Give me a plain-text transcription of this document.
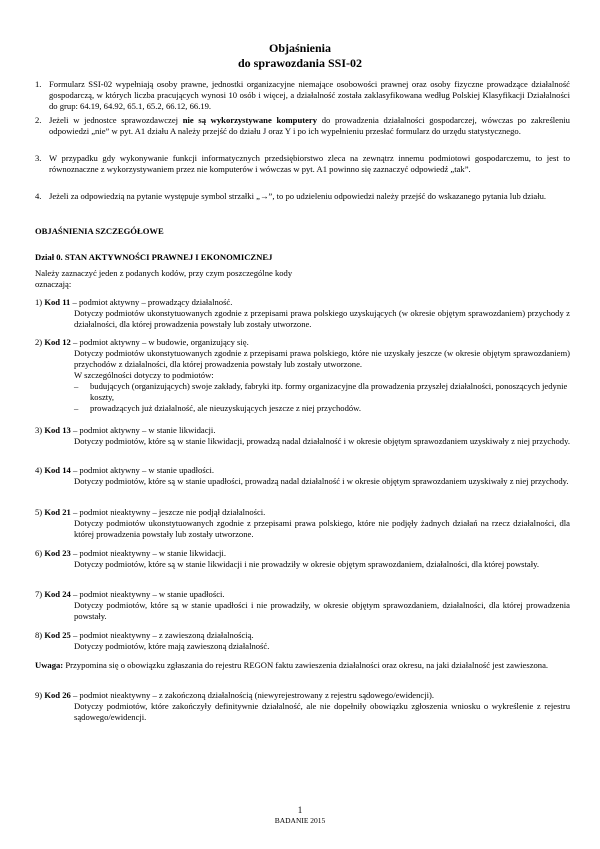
Objaśnienia
do sprawozdania SSI-02
1. Formularz SSI-02 wypełniają osoby prawne, jednostki organizacyjne niemające osobowości prawnej oraz osoby fizyczne prowadzące działalność gospodarczą, w których liczba pracujących wynosi 10 osób i więcej, a działalność została zaklasyfikowana według Polskiej Klasyfikacji Działalności do grup: 64.19, 64.92, 65.1, 65.2, 66.12, 66.19.
2. Jeżeli w jednostce sprawozdawczej nie są wykorzystywane komputery do prowadzenia działalności gospodarczej, wówczas po zakreśleniu odpowiedzi „nie” w pyt. A1 działu A należy przejść do działu J oraz Y i po ich wypełnieniu przesłać formularz do urzędu statystycznego.
3. W przypadku gdy wykonywanie funkcji informatycznych przedsiębiorstwo zleca na zewnątrz innemu podmiotowi gospodarczemu, to jest to równoznaczne z wykorzystywaniem przez nie komputerów i wówczas w pyt. A1 powinno się zaznaczyć odpowiedź „tak”.
4. Jeżeli za odpowiedzią na pytanie występuje symbol strzałki „→”, to po udzieleniu odpowiedzi należy przejść do wskazanego pytania lub działu.
OBJAŚNIENIA SZCZEGÓŁOWE
Dział 0. STAN AKTYWNOŚCI PRAWNEJ I EKONOMICZNEJ
Należy zaznaczyć jeden z podanych kodów, przy czym poszczególne kody
oznaczają:
1) Kod 11 – podmiot aktywny – prowadzący działalność.
Dotyczy podmiotów ukonstytuowanych zgodnie z przepisami prawa polskiego uzyskujących (w okresie objętym sprawozdaniem) przychody z działalności, dla której prowadzenia powstały lub zostały utworzone.
2) Kod 12 – podmiot aktywny – w budowie, organizujący się.
Dotyczy podmiotów ukonstytuowanych zgodnie z przepisami prawa polskiego, które nie uzyskały jeszcze (w okresie objętym sprawozdaniem) przychodów z działalności, dla której prowadzenia powstały lub zostały utworzone.
W szczególności dotyczy to podmiotów:
–	budujących (organizujących) swoje zakłady, fabryki itp. formy organizacyjne dla prowadzenia przyszłej działalności, ponoszących jedynie koszty,
–	prowadzących już działalność, ale nieuzyskujących jeszcze z niej przychodów.
3) Kod 13 – podmiot aktywny – w stanie likwidacji.
Dotyczy podmiotów, które są w stanie likwidacji, prowadzą nadal działalność i w okresie objętym sprawozdaniem uzyskiwały z niej przychody.
4) Kod 14 – podmiot aktywny – w stanie upadłości.
Dotyczy podmiotów, które są w stanie upadłości, prowadzą nadal działalność i w okresie objętym sprawozdaniem uzyskiwały z niej przychody.
5) Kod 21 – podmiot nieaktywny – jeszcze nie podjął działalności.
Dotyczy podmiotów ukonstytuowanych zgodnie z przepisami prawa polskiego, które nie podjęły żadnych działań na rzecz działalności, dla której prowadzenia powstały lub zostały utworzone.
6) Kod 23 – podmiot nieaktywny – w stanie likwidacji.
Dotyczy podmiotów, które są w stanie likwidacji i nie prowadziły w okresie objętym sprawozdaniem, działalności, dla której powstały.
7) Kod 24 – podmiot nieaktywny – w stanie upadłości.
Dotyczy podmiotów, które są w stanie upadłości i nie prowadziły, w okresie objętym sprawozdaniem, działalności, dla której prowadzenia powstały.
8) Kod 25 – podmiot nieaktywny – z zawieszoną działalnością.
Dotyczy podmiotów, które mają zawieszoną działalność.
Uwaga: Przypomina się o obowiązku zgłaszania do rejestru REGON faktu zawieszenia działalności oraz okresu, na jaki działalność jest zawieszona.
9) Kod 26 – podmiot nieaktywny – z zakończoną działalnością (niewyrejestrowany z rejestru sądowego/ewidencji).
Dotyczy podmiotów, które zakończyły definitywnie działalność, ale nie dopełniły obowiązku zgłoszenia wniosku o wykreślenie z rejestru sądowego/ewidencji.
1
BADANIE 2015
